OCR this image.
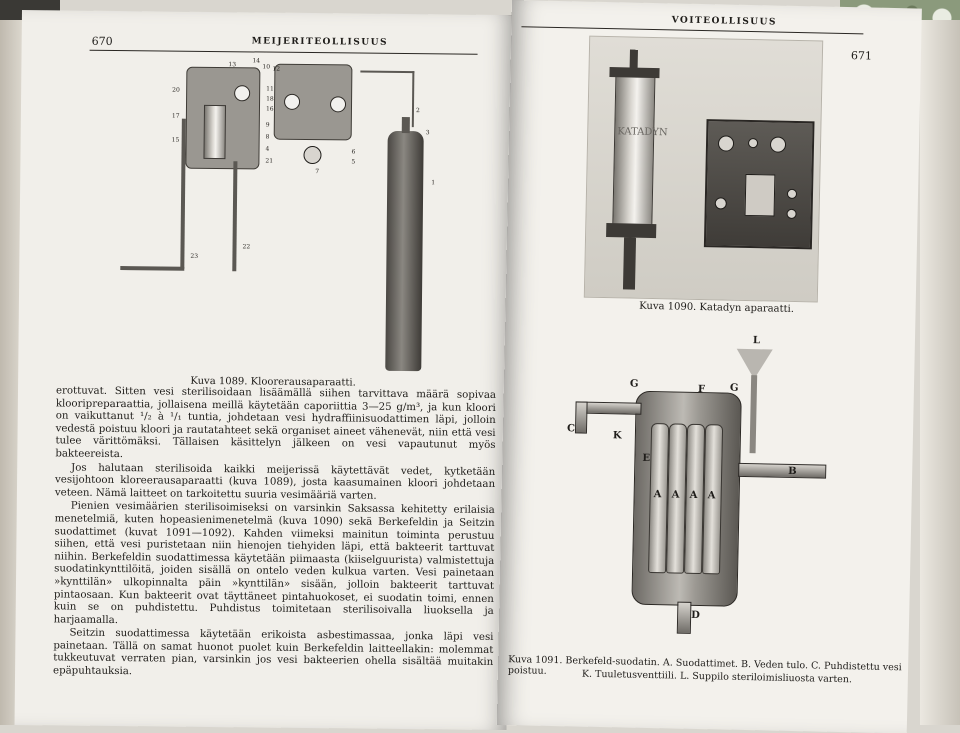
670	MEIJERITEOLLISUUS
13
14
10 12
11
18
16
21
17
15
9
8
4	6
5
7
3
2
1
20
23
22
Kuva 1089. Kloorerausaparaatti.

erottuvat. Sitten vesi sterilisoidaan lisäämällä siihen tarvittava määrä sopivaa klooripreparaattia, jollaisena meillä käytetään caporiittia 3—25 g/m³, ja kun kloori on vaikuttanut ¹/₂ à ¹/₁ tuntia, johdetaan vesi hydraffiinisuodattimen läpi, jolloin vedestä poistuu kloori ja rautatahteet sekä organiset aineet vähenevät, niin että vesi tulee värittömäksi. Tällaisen käsittelyn jälkeen on vesi vapautunut myös bakteereista.

Jos halutaan sterilisoida kaikki meijerissä käytettävät vedet, kytketään vesijohtoon kloreerausaparaatti (kuva 1089), josta kaasumainen kloori johdetaan veteen. Nämä laitteet on tarkoitettu suuria vesimääriä varten.

Pienien vesimäärien sterilisoimiseksi on varsinkin Saksassa kehitetty erilaisia menetelmiä, kuten hopeasienimenetelmä (kuva 1090) sekä Berkefeldin ja Seitzin suodattimet (kuvat 1091—1092). Kahden viimeksi mainitun toiminta perustuu siihen, että vesi puristetaan niin hienojen tiehyiden läpi, että bakteerit tarttuvat niihin. Berkefeldin suodattimessa käytetään piimaasta (kiiselguurista) valmistettuja suodatinkynttilöitä, joiden sisällä on ontelo veden kulkua varten. Vesi painetaan »kynttilän» ulkopinnalta päin »kynttilän» sisään, jolloin bakteerit tarttuvat pintaosaan. Kun bakteerit ovat täyttäneet pintahuokoset, ei suodatin toimi, ennen kuin se on puhdistettu. Puhdistus toimitetaan sterilisoivalla liuoksella ja harjaamalla.

Seitzin suodattimessa käytetään erikoista asbestimassaa, jonka läpi vesi painetaan. Tällä on samat huonot puolet kuin Berkefeldin laitteellakin: molemmat tukkeutuvat verraten pian, varsinkin jos vesi bakteerien ohella sisältää muitakin epäpuhtauksia.

VOITEOLLISUUS
671
KATADYN
Kuva 1090. Katadyn aparaatti.
L
G	F G
C
K
E
A A A A
B
D
Kuva 1091. Berkefeld-suodatin. A. Suodattimet. B. Veden tulo. C. Puhdistettu vesi poistuu.	K. Tuuletusventtiili. L. Suppilo steriloimisliuosta varten.
